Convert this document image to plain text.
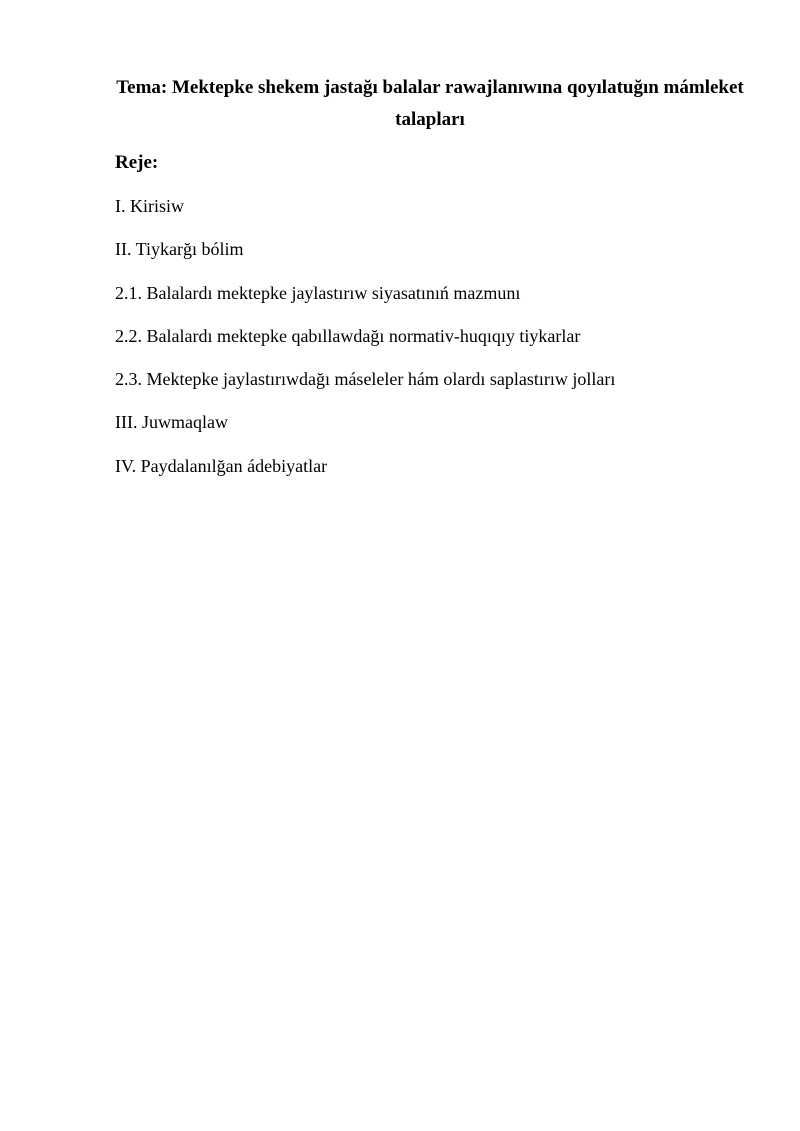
Tema: Mektepke shekem jastağı balalar rawajlanıwına qoyılatuğın mámleket talapları
Reje:
I. Kirisiw
II. Tiykarğı bólim
2.1. Balalardı mektepke jaylastırıw siyasatınıń mazmunı
2.2. Balalardı mektepke qabıllawdağı normativ-huqıqıy tiykarlar
2.3. Mektepke jaylastırıwdağı máseleler hám olardı saplastırıw jolları
III. Juwmaqlaw
IV. Paydalanılğan ádebiyatlar
